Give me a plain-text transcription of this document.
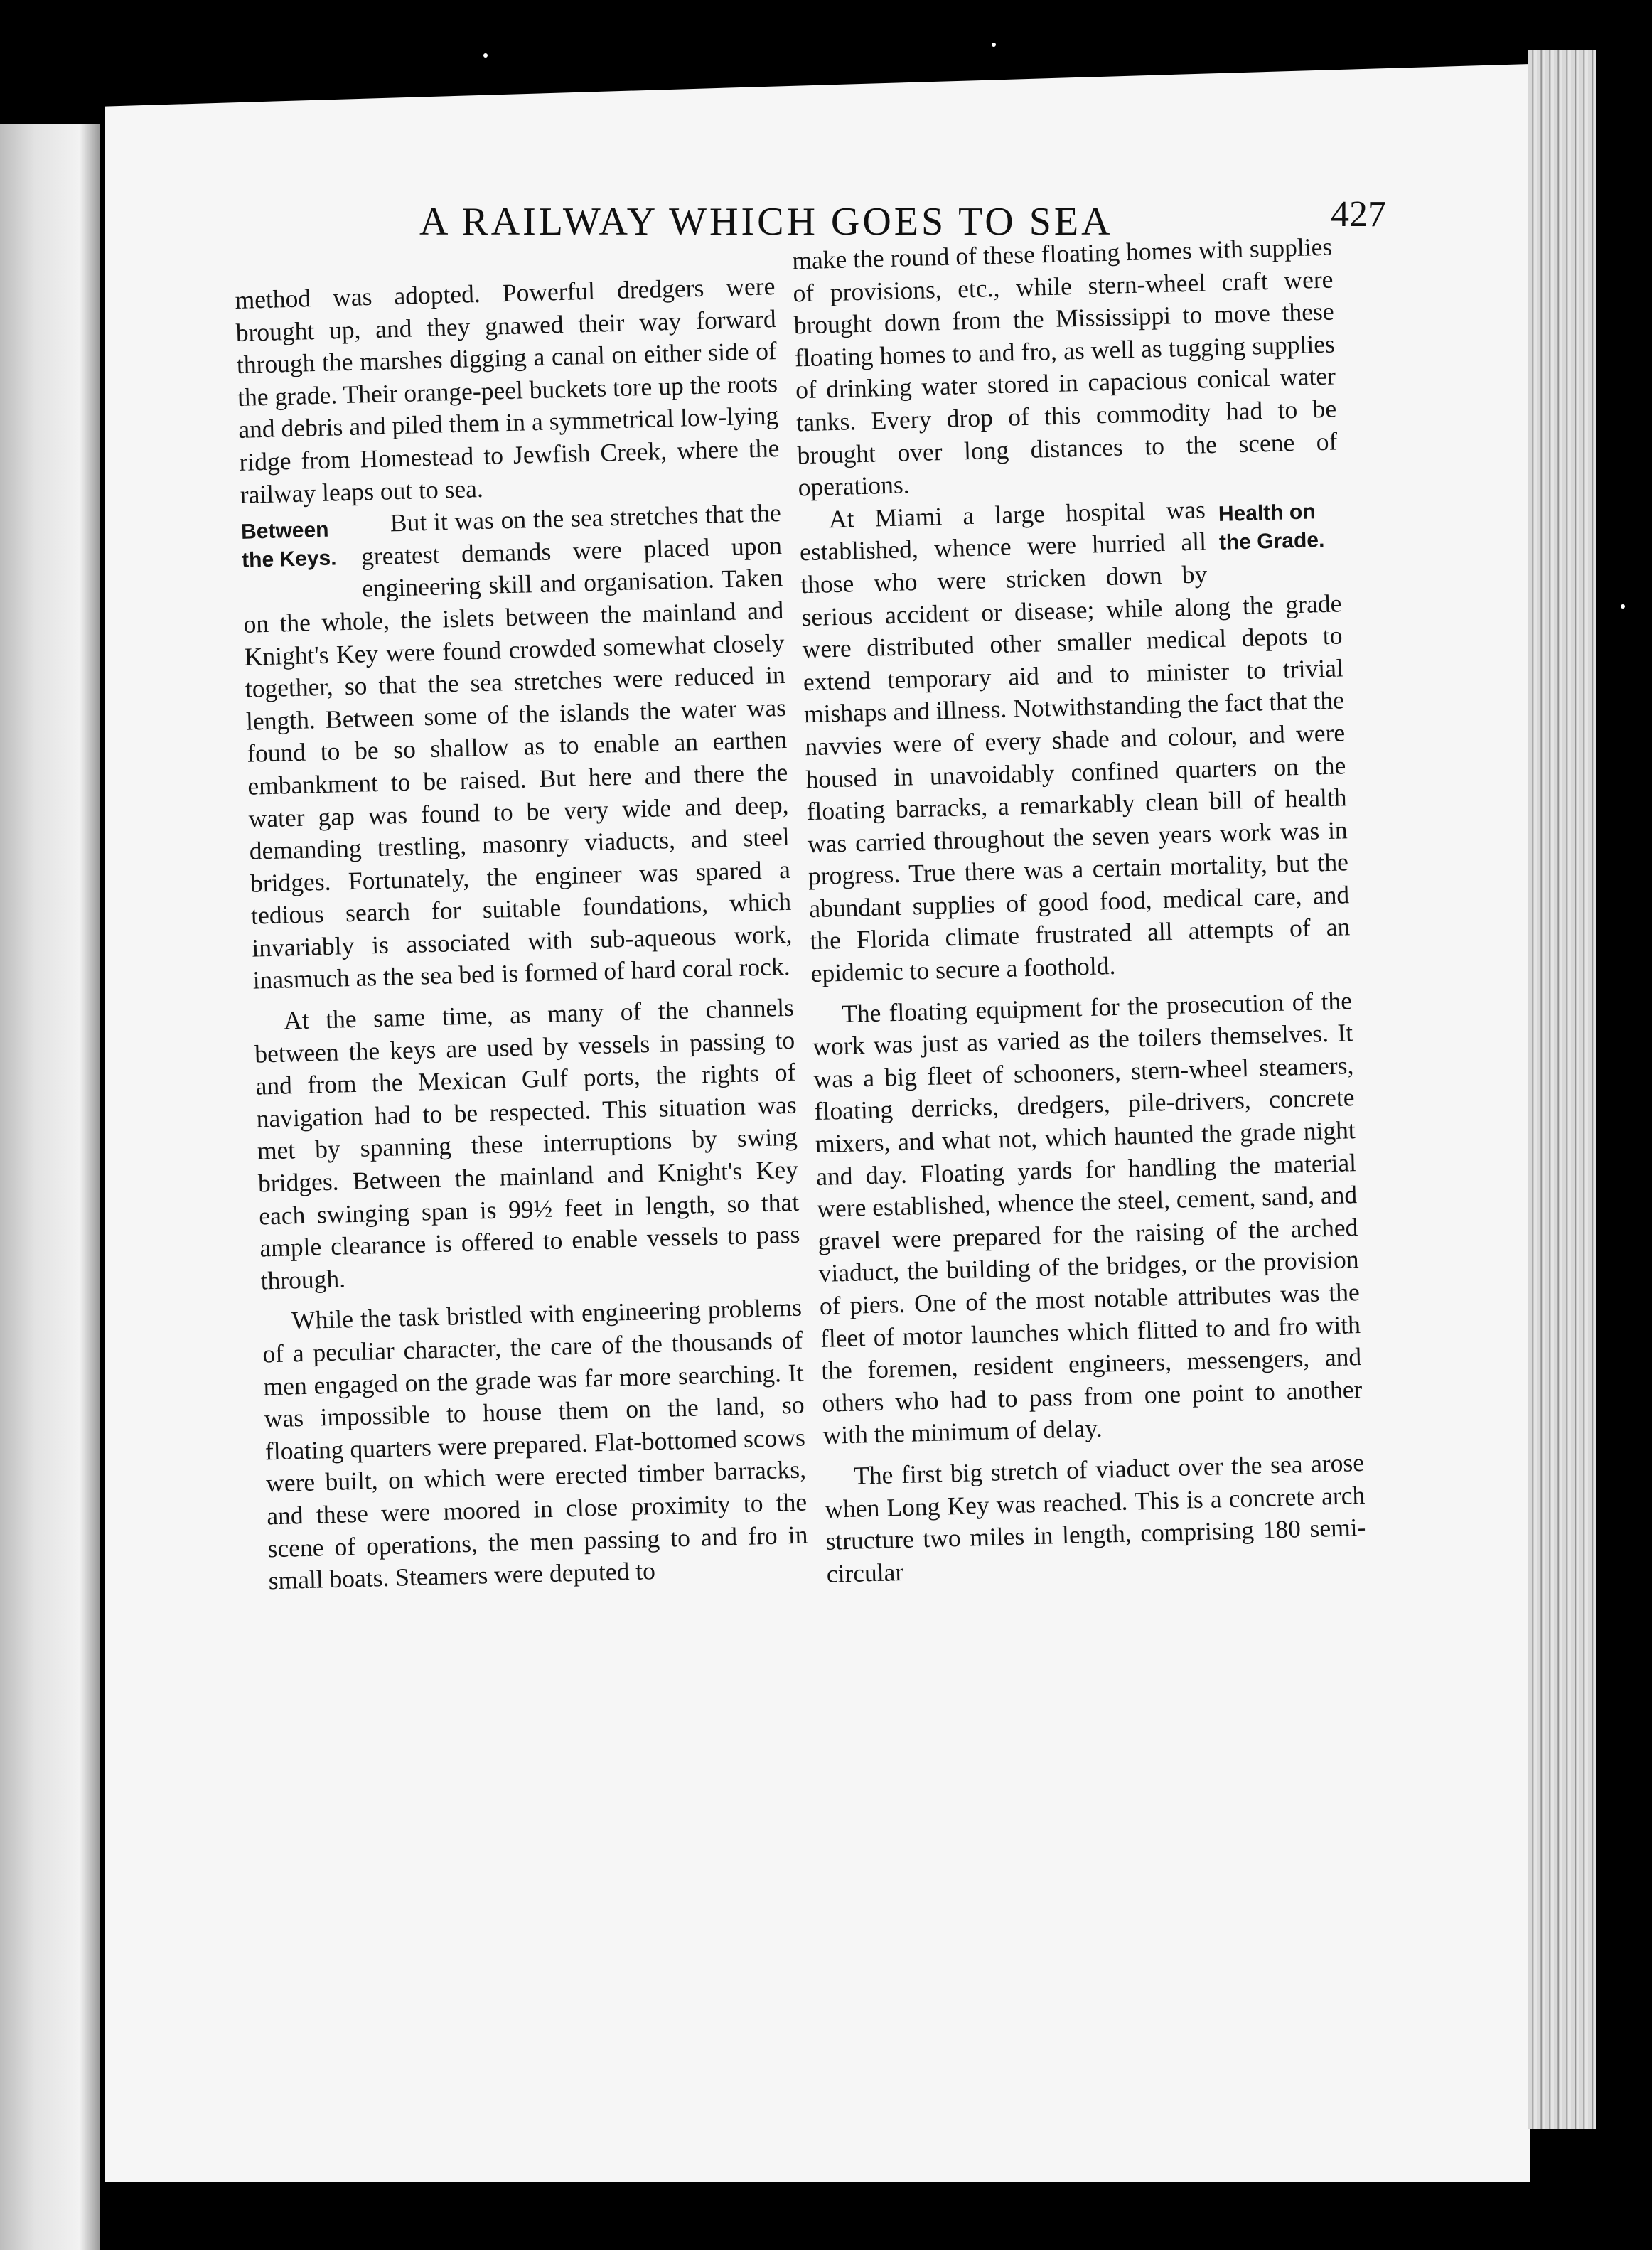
A RAILWAY WHICH GOES TO SEA	427

method was adopted. Powerful dredgers were brought up, and they gnawed their way forward through the marshes digging a canal on either side of the grade. Their orange-peel buckets tore up the roots and debris and piled them in a symmetrical low-lying ridge from Homestead to Jewfish Creek, where the railway leaps out to sea.

Between the Keys.
But it was on the sea stretches that the greatest demands were placed upon engineering skill and organisation. Taken on the whole, the islets between the mainland and Knight's Key were found crowded somewhat closely together, so that the sea stretches were reduced in length. Between some of the islands the water was found to be so shallow as to enable an earthen embankment to be raised. But here and there the water gap was found to be very wide and deep, demanding trestling, masonry viaducts, and steel bridges. Fortunately, the engineer was spared a tedious search for suitable foundations, which invariably is associated with sub-aqueous work, inasmuch as the sea bed is formed of hard coral rock.

At the same time, as many of the channels between the keys are used by vessels in passing to and from the Mexican Gulf ports, the rights of navigation had to be respected. This situation was met by spanning these interruptions by swing bridges. Between the mainland and Knight's Key each swinging span is 99½ feet in length, so that ample clearance is offered to enable vessels to pass through.

While the task bristled with engineering problems of a peculiar character, the care of the thousands of men engaged on the grade was far more searching. It was impossible to house them on the land, so floating quarters were prepared. Flat-bottomed scows were built, on which were erected timber barracks, and these were moored in close proximity to the scene of operations, the men passing to and fro in small boats. Steamers were deputed to

make the round of these floating homes with supplies of provisions, etc., while stern-wheel craft were brought down from the Mississippi to move these floating homes to and fro, as well as tugging supplies of drinking water stored in capacious conical water tanks. Every drop of this commodity had to be brought over long distances to the scene of operations.

Health on the Grade.
At Miami a large hospital was established, whence were hurried all those who were stricken down by serious accident or disease; while along the grade were distributed other smaller medical depots to extend temporary aid and to minister to trivial mishaps and illness. Notwithstanding the fact that the navvies were of every shade and colour, and were housed in unavoidably confined quarters on the floating barracks, a remarkably clean bill of health was carried throughout the seven years work was in progress. True there was a certain mortality, but the abundant supplies of good food, medical care, and the Florida climate frustrated all attempts of an epidemic to secure a foothold.

The floating equipment for the prosecution of the work was just as varied as the toilers themselves. It was a big fleet of schooners, stern-wheel steamers, floating derricks, dredgers, pile-drivers, concrete mixers, and what not, which haunted the grade night and day. Floating yards for handling the material were established, whence the steel, cement, sand, and gravel were prepared for the raising of the arched viaduct, the building of the bridges, or the provision of piers. One of the most notable attributes was the fleet of motor launches which flitted to and fro with the foremen, resident engineers, messengers, and others who had to pass from one point to another with the minimum of delay.

The first big stretch of viaduct over the sea arose when Long Key was reached. This is a concrete arch structure two miles in length, comprising 180 semi-circular
